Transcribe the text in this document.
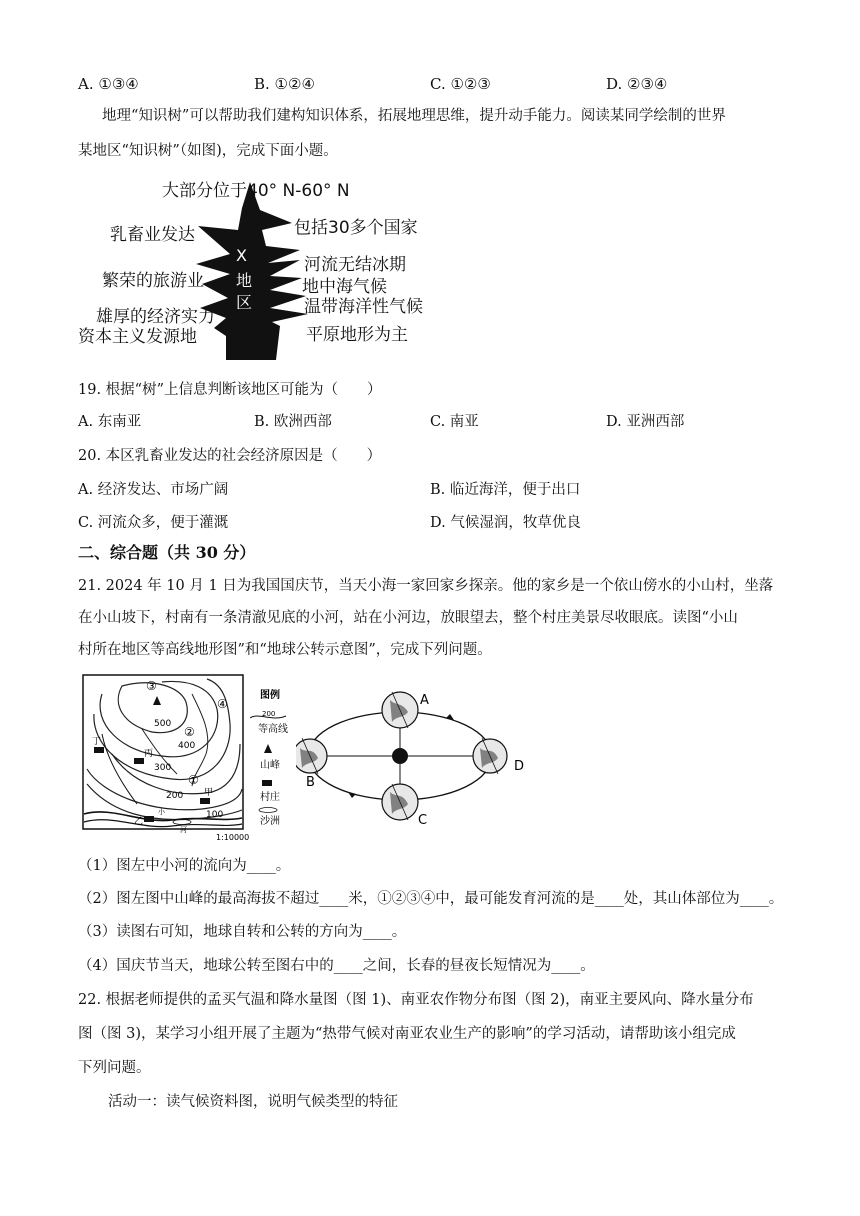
A. ①③④	B. ①②④	C. ①②③	D. ②③④
地理“知识树”可以帮助我们建构知识体系，拓展地理思维，提升动手能力。阅读某同学绘制的世界
某地区“知识树”（如图)，完成下面小题。
大部分位于40° N-60° N
乳畜业发达
繁荣的旅游业
雄厚的经济实力
资本主义发源地
包括30多个国家
河流无结冰期
地中海气候
温带海洋性气候
平原地形为主
X
地
区
19. 根据“树”上信息判断该地区可能为（　　）
A. 东南亚	B. 欧洲西部	C. 南亚	D. 亚洲西部
20. 本区乳畜业发达的社会经济原因是（　　）
A. 经济发达、市场广阔	B. 临近海洋，便于出口
C. 河流众多，便于灌溉	D. 气候湿润，牧草优良
二、综合题（共 30 分）
21. 2024 年 10 月 1 日为我国国庆节，当天小海一家回家乡探亲。他的家乡是一个依山傍水的小山村，坐落
在小山坡下，村南有一条清澈见底的小河，站在小河边，放眼望去，整个村庄美景尽收眼底。读图“小山
村所在地区等高线地形图”和“地球公转示意图”，完成下列问题。
500
400
300
200
100
③
④
②
①
丁
丙
甲
乙
小
河
图例
200
等高线
山峰
村庄
沙洲
1:10000
A
B
C
D
（1）图左中小河的流向为____。
（2）图左图中山峰的最高海拔不超过____米，①②③④中，最可能发育河流的是____处，其山体部位为____。
（3）读图右可知，地球自转和公转的方向为____。
（4）国庆节当天，地球公转至图右中的____之间，长春的昼夜长短情况为____。
22. 根据老师提供的孟买气温和降水量图（图 1)、南亚农作物分布图（图 2)，南亚主要风向、降水量分布
图（图 3)，某学习小组开展了主题为“热带气候对南亚农业生产的影响”的学习活动，请帮助该小组完成
下列问题。
活动一：读气候资料图，说明气候类型的特征
